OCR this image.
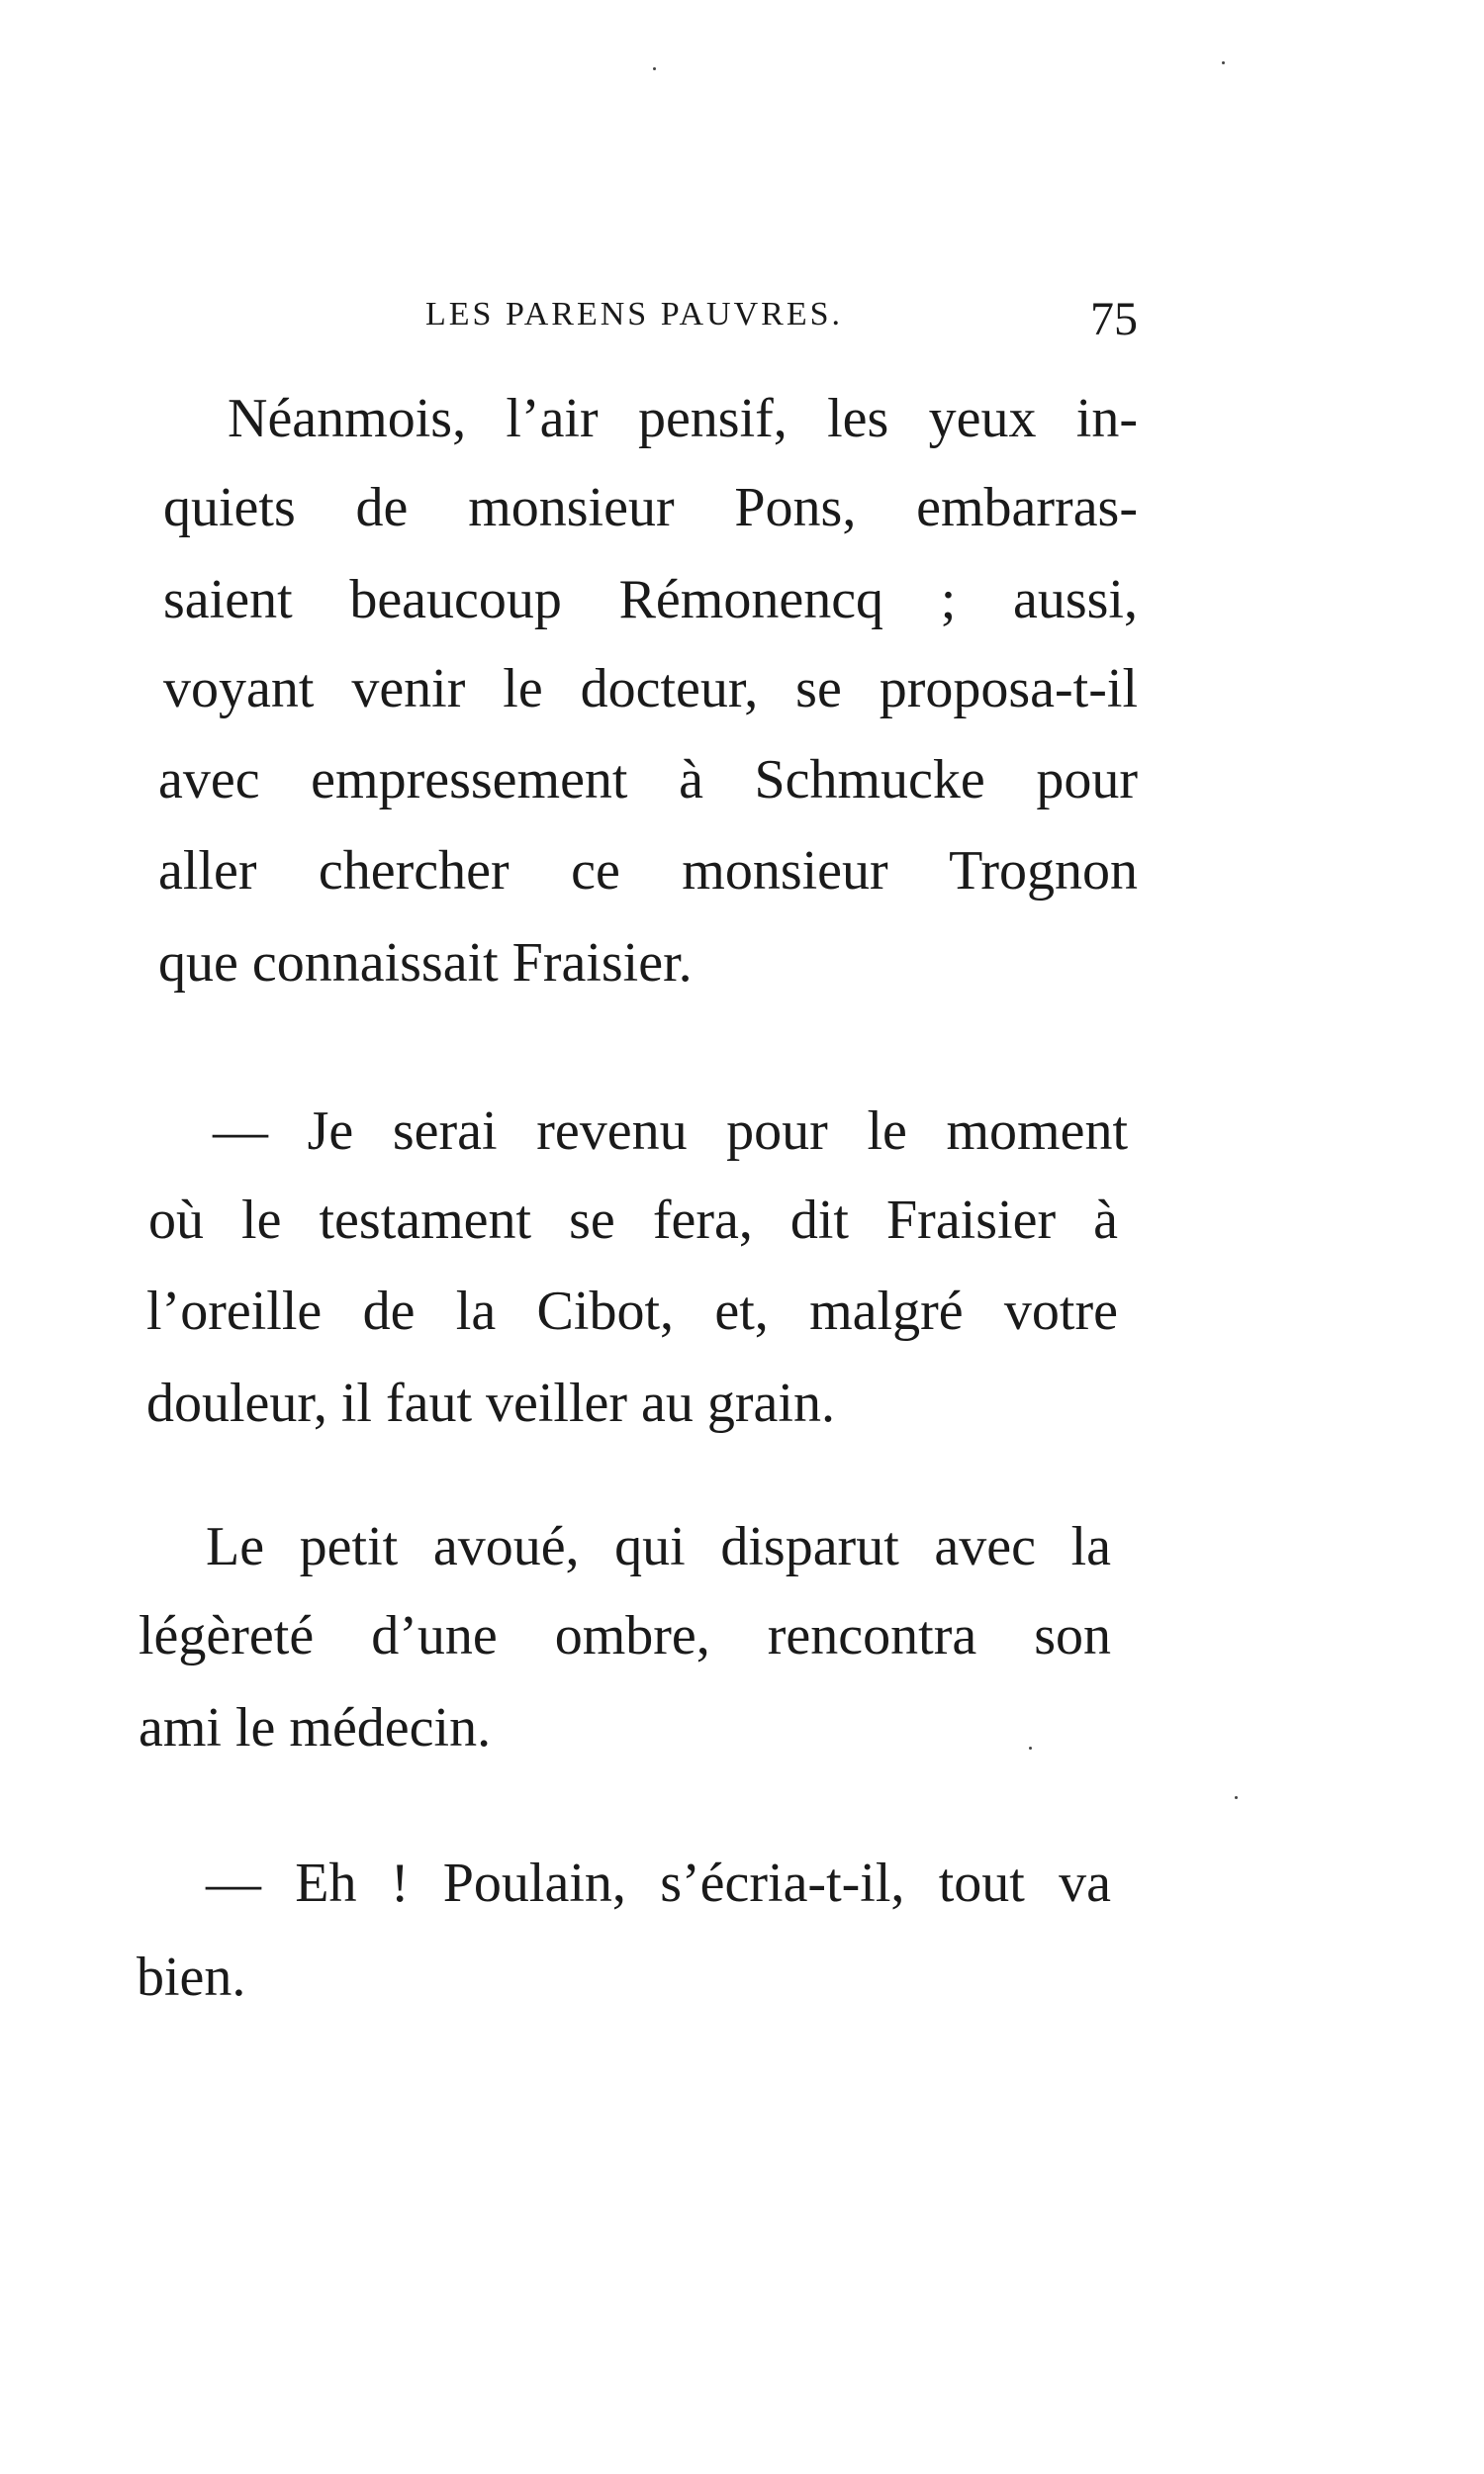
LES PARENS PAUVRES.	75
Néanmois, l’air pensif, les yeux in-
quiets de monsieur Pons, embarras-
saient beaucoup Rémonencq ; aussi,
voyant venir le docteur, se proposa-t-il
avec empressement à Schmucke pour
aller chercher ce monsieur Trognon
que connaissait Fraisier.
— Je serai revenu pour le moment
où le testament se fera, dit Fraisier à
l’oreille de la Cibot, et, malgré votre
douleur, il faut veiller au grain.
Le petit avoué, qui disparut avec la
légèreté d’une ombre, rencontra son
ami le médecin.
— Eh ! Poulain, s’écria-t-il, tout va
bien.
